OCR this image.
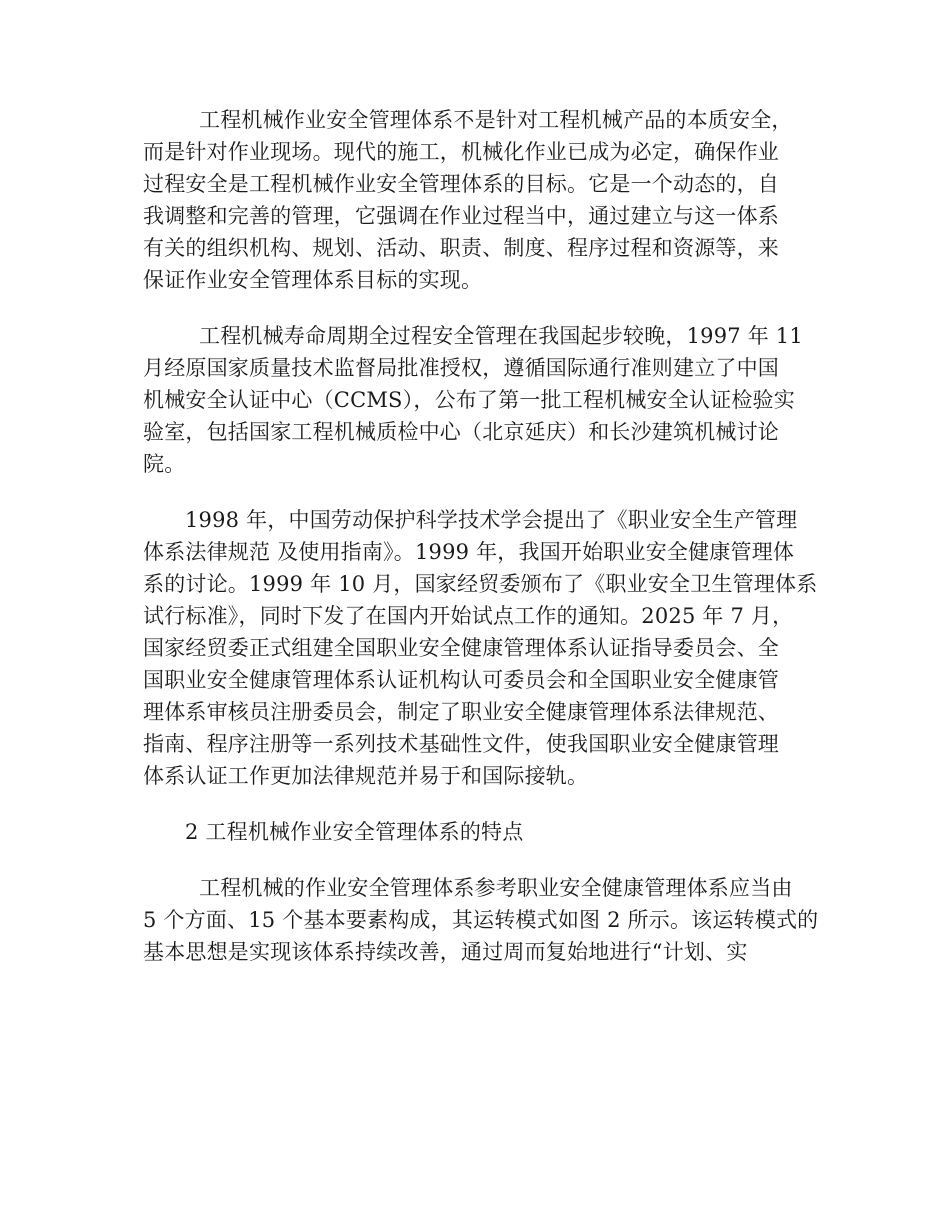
工程机械作业安全管理体系不是针对工程机械产品的本质安全，
而是针对作业现场。现代的施工，机械化作业已成为必定，确保作业
过程安全是工程机械作业安全管理体系的目标。它是一个动态的，自
我调整和完善的管理，它强调在作业过程当中，通过建立与这一体系
有关的组织机构、规划、活动、职责、制度、程序过程和资源等，来
保证作业安全管理体系目标的实现。
工程机械寿命周期全过程安全管理在我国起步较晚，1997 年 11
月经原国家质量技术监督局批准授权，遵循国际通行准则建立了中国
机械安全认证中心（CCMS），公布了第一批工程机械安全认证检验实
验室，包括国家工程机械质检中心（北京延庆）和长沙建筑机械讨论
院。
1998 年，中国劳动保护科学技术学会提出了《职业安全生产管理
体系法律规范 及使用指南》。1999 年，我国开始职业安全健康管理体
系的讨论。1999 年 10 月，国家经贸委颁布了《职业安全卫生管理体系
试行标准》，同时下发了在国内开始试点工作的通知。2025 年 7 月，
国家经贸委正式组建全国职业安全健康管理体系认证指导委员会、全
国职业安全健康管理体系认证机构认可委员会和全国职业安全健康管
理体系审核员注册委员会，制定了职业安全健康管理体系法律规范、
指南、程序注册等一系列技术基础性文件，使我国职业安全健康管理
体系认证工作更加法律规范并易于和国际接轨。
2 工程机械作业安全管理体系的特点
工程机械的作业安全管理体系参考职业安全健康管理体系应当由
5 个方面、15 个基本要素构成，其运转模式如图 2 所示。该运转模式的
基本思想是实现该体系持续改善，通过周而复始地进行“计划、实
